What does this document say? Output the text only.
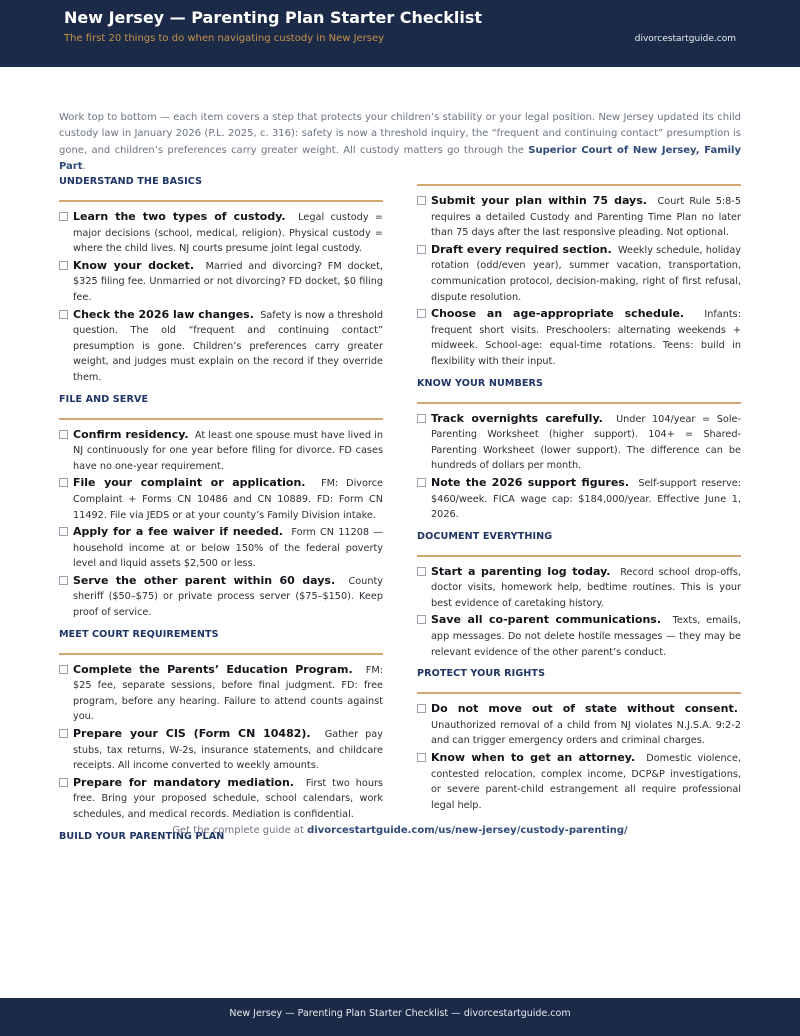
New Jersey — Parenting Plan Starter Checklist
The first 20 things to do when navigating custody in New Jersey	divorcestartguide.com
Work top to bottom — each item covers a step that protects your children’s stability or your legal position. New Jersey updated its child custody law in January 2026 (P.L. 2025, c. 316): safety is now a threshold inquiry, the “frequent and continuing contact” presumption is gone, and children’s preferences carry greater weight. All custody matters go through the Superior Court of New Jersey, Family Part.
UNDERSTAND THE BASICS
Learn the two types of custody. Legal custody = major decisions (school, medical, religion). Physical custody = where the child lives. NJ courts presume joint legal custody.
Know your docket. Married and divorcing? FM docket, $325 filing fee. Unmarried or not divorcing? FD docket, $0 filing fee.
Check the 2026 law changes. Safety is now a threshold question. The old “frequent and continuing contact” presumption is gone. Children’s preferences carry greater weight, and judges must explain on the record if they override them.
FILE AND SERVE
Confirm residency. At least one spouse must have lived in NJ continuously for one year before filing for divorce. FD cases have no one-year requirement.
File your complaint or application. FM: Divorce Complaint + Forms CN 10486 and CN 10889. FD: Form CN 11492. File via JEDS or at your county’s Family Division intake.
Apply for a fee waiver if needed. Form CN 11208 — household income at or below 150% of the federal poverty level and liquid assets $2,500 or less.
Serve the other parent within 60 days. County sheriff ($50–$75) or private process server ($75–$150). Keep proof of service.
MEET COURT REQUIREMENTS
Complete the Parents’ Education Program. FM: $25 fee, separate sessions, before final judgment. FD: free program, before any hearing. Failure to attend counts against you.
Prepare your CIS (Form CN 10482). Gather pay stubs, tax returns, W-2s, insurance statements, and childcare receipts. All income converted to weekly amounts.
Prepare for mandatory mediation. First two hours free. Bring your proposed schedule, school calendars, work schedules, and medical records. Mediation is confidential.
BUILD YOUR PARENTING PLAN
Submit your plan within 75 days. Court Rule 5:8-5 requires a detailed Custody and Parenting Time Plan no later than 75 days after the last responsive pleading. Not optional.
Draft every required section. Weekly schedule, holiday rotation (odd/even year), summer vacation, transportation, communication protocol, decision-making, right of first refusal, dispute resolution.
Choose an age-appropriate schedule. Infants: frequent short visits. Preschoolers: alternating weekends + midweek. School-age: equal-time rotations. Teens: build in flexibility with their input.
KNOW YOUR NUMBERS
Track overnights carefully. Under 104/year = Sole-Parenting Worksheet (higher support). 104+ = Shared-Parenting Worksheet (lower support). The difference can be hundreds of dollars per month.
Note the 2026 support figures. Self-support reserve: $460/week. FICA wage cap: $184,000/year. Effective June 1, 2026.
DOCUMENT EVERYTHING
Start a parenting log today. Record school drop-offs, doctor visits, homework help, bedtime routines. This is your best evidence of caretaking history.
Save all co-parent communications. Texts, emails, app messages. Do not delete hostile messages — they may be relevant evidence of the other parent’s conduct.
PROTECT YOUR RIGHTS
Do not move out of state without consent.  Unauthorized removal of a child from NJ violates N.J.S.A. 9:2-2 and can trigger emergency orders and criminal charges.
Know when to get an attorney. Domestic violence, contested relocation, complex income, DCP&P investigations, or severe parent-child estrangement all require professional legal help.
Get the complete guide at divorcestartguide.com/us/new-jersey/custody-parenting/
New Jersey — Parenting Plan Starter Checklist — divorcestartguide.com
